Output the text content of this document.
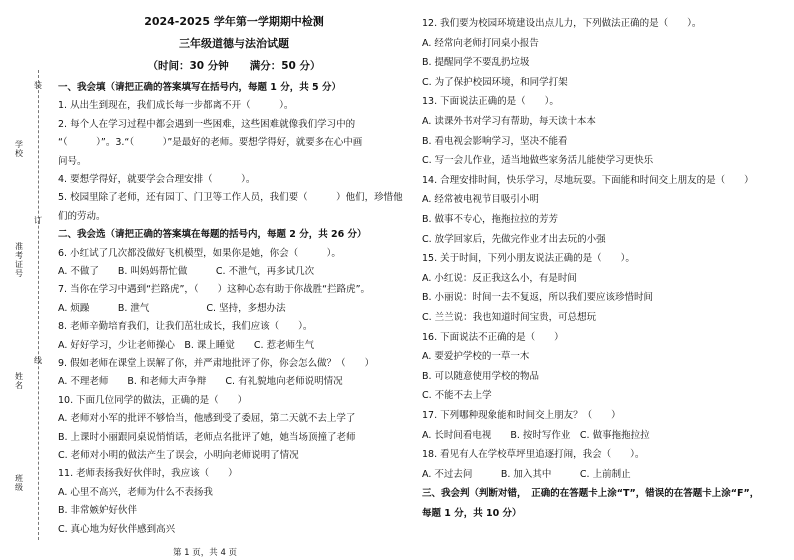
学校
准考证号
姓名
班级
装
订
线
2024-2025 学年第一学期期中检测
三年级道德与法治试题
（时间：30 分钟　　满分：50 分）
一、我会填（请把正确的答案填写在括号内，每题 1 分，共 5 分）
1. 从出生到现在，我们成长每一步都离不开（　　　）。
2. 每个人在学习过程中都会遇到一些困难，这些困难就像我们学习中的
“（　　　）”。3.“（　　　）”是最好的老师。要想学得好，就要多在心中画
问号。
4. 要想学得好，就要学会合理安排（　　　）。
5. 校园里除了老师，还有园丁、门卫等工作人员，我们要（　　　）他们，珍惜他
们的劳动。
二、我会选（请把正确的答案填在每题的括号内，每题 2 分，共 26 分）
6. 小红试了几次都没做好飞机模型，如果你是她，你会（　　　）。
A. 不做了　　B. 叫妈妈帮忙做　　　C. 不泄气，再多试几次
7. 当你在学习中遇到“拦路虎”，（　　）这种心态有助于你战胜“拦路虎”。
A. 烦躁　　　B. 泄气　　　　　　C. 坚持，多想办法
8. 老师辛勤培育我们，让我们茁壮成长，我们应该（　　）。
A. 好好学习，少让老师操心　B. 课上睡觉　　C. 惹老师生气
9. 假如老师在课堂上误解了你，并严肃地批评了你，你会怎么做？（　　）
A. 不理老师　　B. 和老师大声争辩　　C. 有礼貌地向老师说明情况
10. 下面几位同学的做法，正确的是（　　）
A. 老师对小军的批评不够恰当，他感到受了委屈，第二天就不去上学了
B. 上课时小丽跟同桌说悄悄话，老师点名批评了她，她当场顶撞了老师
C. 老师对小明的做法产生了误会，小明向老师说明了情况
11. 老师表扬我好伙伴时，我应该（　　）
A. 心里不高兴，老师为什么不表扬我
B. 非常嫉妒好伙伴
C. 真心地为好伙伴感到高兴
12. 我们要为校园环境建设出点儿力，下列做法正确的是（　　）。
A. 经常向老师打同桌小报告
B. 提醒同学不要乱扔垃圾
C. 为了保护校园环境，和同学打架
13. 下面说法正确的是（　　）。
A. 读课外书对学习有帮助，每天读十本本
B. 看电视会影响学习，坚决不能看
C. 写一会儿作业，适当地做些家务活儿能使学习更快乐
14. 合理安排时间，快乐学习，尽地玩耍。下面能和时间交上朋友的是（　　）
A. 经常被电视节目吸引小明
B. 做事不专心，拖拖拉拉的芳芳
C. 放学回家后，先做完作业才出去玩的小强
15. 关于时间，下列小朋友说法正确的是（　　）。
A. 小红说：反正我这么小，有是时间
B. 小丽说：时间一去不复返，所以我们要应该珍惜时间
C. 兰兰说：我也知道时间宝贵，可总想玩
16. 下面说法不正确的是（　　）
A. 要爱护学校的一草一木
B. 可以随意使用学校的物品
C. 不能不去上学
17. 下列哪种现象能和时间交上朋友？（　　）
A. 长时间看电视　　B. 按时写作业　C. 做事拖拖拉拉
18. 看见有人在学校草坪里追逐打闹，我会（　　）。
A. 不过去问　　　B. 加入其中　　　C. 上前制止
三、我会判（判断对错，　正确的在答题卡上涂“T”，错误的在答题卡上涂“F”，
每题 1 分，共 10 分）
第 1 页，共 4 页
